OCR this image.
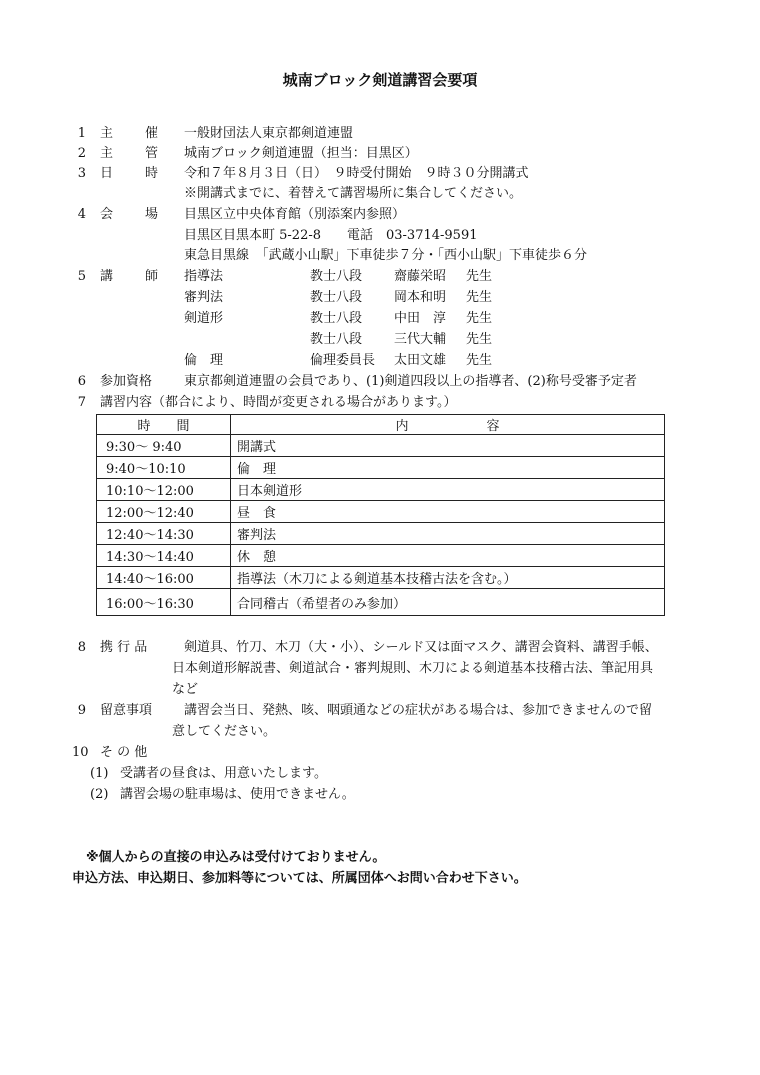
城南ブロック剣道講習会要項
1 主 催 一般財団法人東京都剣道連盟
2 主 管 城南ブロック剣道連盟（担当：目黒区）
3 日 時 令和７年８月３日（日）　９時受付開始　９時３０分開講式
※開講式までに、着替えて講習場所に集合してください。
4 会 場 目黒区立中央体育館（別添案内参照）
目黒区目黒本町 5-22-8　　電話　03-3714-9591
東急目黒線　「武蔵小山駅」下車徒歩７分・「西小山駅」下車徒歩６分
5 講 師 指導法	教士八段 齋藤栄昭 先生
審判法	教士八段 岡本和明 先生
剣道形	教士八段 中田　淳 先生
教士八段 三代大輔 先生
倫　理	倫理委員長 太田文雄 先生
6 参加資格 東京都剣道連盟の会員であり、(1)剣道四段以上の指導者、(2)称号受審予定者
7 講習内容（都合により、時間が変更される場合があります。）
時　　間	内　　　　　　容
9:30〜 9:40	開講式
9:40〜10:10	倫　理
10:10〜12:00	日本剣道形
12:00〜12:40	昼　食
12:40〜14:30	審判法
14:30〜14:40	休　憩
14:40〜16:00	指導法（木刀による剣道基本技稽古法を含む。）
16:00〜16:30	合同稽古（希望者のみ参加）
8 携 行 品	剣道具、竹刀、木刀（大・小）、シールド又は面マスク、講習会資料、講習手帳、
日本剣道形解説書、剣道試合・審判規則、木刀による剣道基本技稽古法、筆記用具
など
9 留意事項 講習会当日、発熱、咳、咽頭通などの症状がある場合は、参加できませんので留
意してください。
10 そ の 他
(1) 受講者の昼食は、用意いたします。
(2) 講習会場の駐車場は、使用できません。
※個人からの直接の申込みは受付けておりません。
申込方法、申込期日、参加料等については、所属団体へお問い合わせ下さい。
